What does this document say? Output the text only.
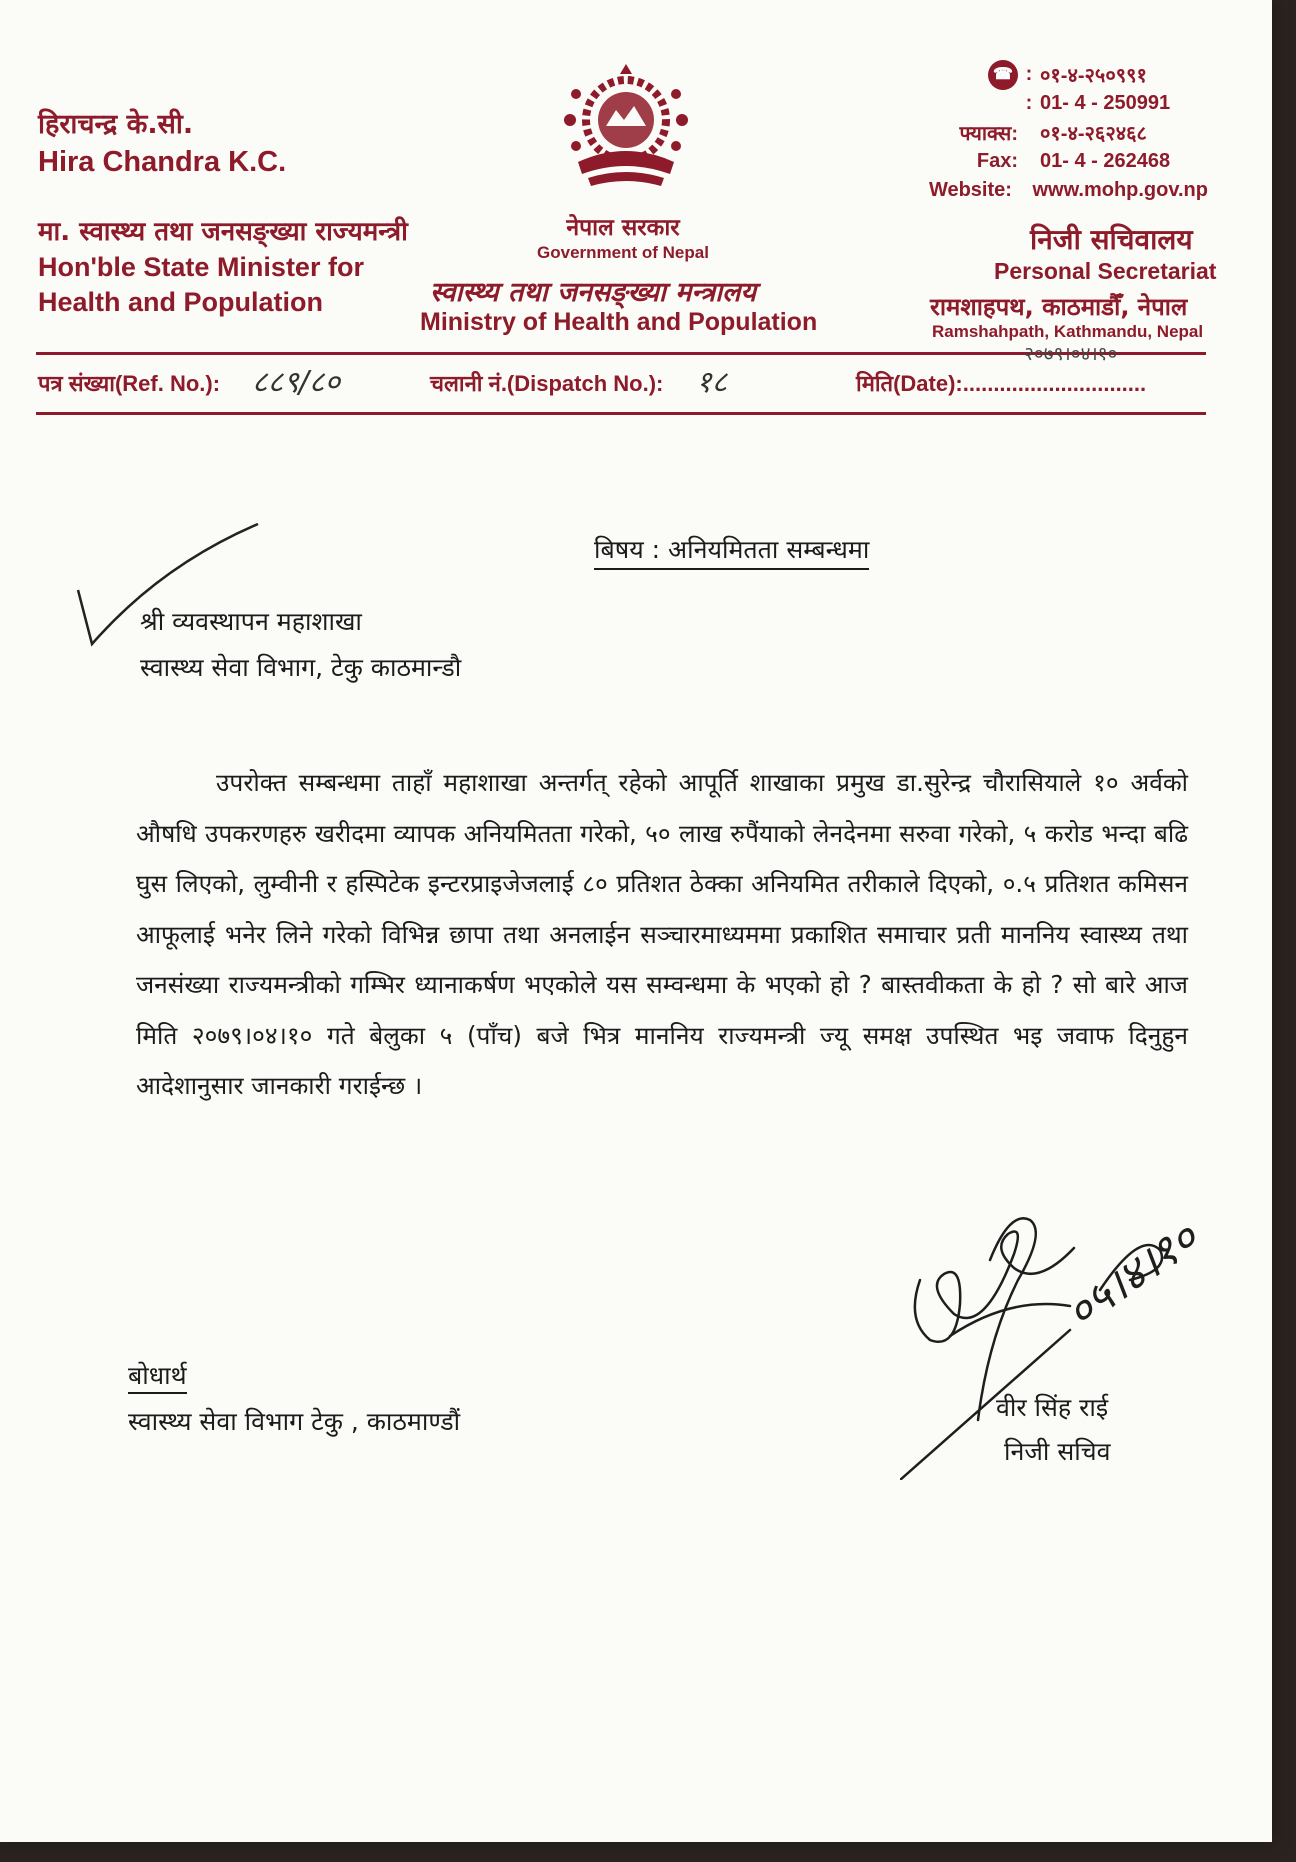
हिराचन्द्र के.सी.
Hira Chandra K.C.
मा. स्वास्थ्य तथा जनसङ्ख्या राज्यमन्त्री
Hon'ble State Minister for
Health and Population
नेपाल सरकार
Government of Nepal
स्वास्थ्य तथा जनसङ्ख्या मन्त्रालय
Ministry of Health and Population
☎ : ०१-४-२५०९९१
: 01- 4 - 250991
फ्याक्स: ०१-४-२६२४६८
Fax: 01- 4 - 262468
Website: www.mohp.gov.np
निजी सचिवालय
Personal Secretariat
रामशाहपथ, काठमाडौँ, नेपाल
Ramshahpath, Kathmandu, Nepal
पत्र संख्या(Ref. No.): ८८९/८०	चलानी नं.(Dispatch No.): १८	मिति(Date):..............................
२०७९।०४।१०
बिषय : अनियमितता सम्बन्धमा
श्री व्यवस्थापन महाशाखा
स्वास्थ्य सेवा विभाग, टेकु काठमान्डौ
उपरोक्त सम्बन्धमा ताहाँ महाशाखा अन्तर्गत् रहेको आपूर्ति शाखाका प्रमुख डा.सुरेन्द्र चौरासियाले १० अर्वको औषधि उपकरणहरु खरीदमा व्यापक अनियमितता गरेको, ५० लाख रुपैंयाको लेनदेनमा सरुवा गरेको, ५ करोड भन्दा बढि घुस लिएको, लुम्वीनी र हस्पिटेक इन्टरप्राइजेजलाई ८० प्रतिशत ठेक्का अनियमित तरीकाले दिएको, ०.५ प्रतिशत कमिसन आफूलाई भनेर लिने गरेको विभिन्न छापा तथा अनलाईन सञ्चारमाध्यममा प्रकाशित समाचार प्रती माननिय स्वास्थ्य तथा जनसंख्या राज्यमन्त्रीको गम्भिर ध्यानाकर्षण भएकोले यस सम्वन्धमा के भएको हो ? बास्तवीकता के हो ? सो बारे आज मिति २०७९।०४।१० गते बेलुका ५ (पाँच) बजे भित्र माननिय राज्यमन्त्री ज्यू समक्ष उपस्थित भइ जवाफ दिनुहुन आदेशानुसार जानकारी गराईन्छ ।
बोधार्थ
स्वास्थ्य सेवा विभाग टेकु , काठमाण्डौं
०५।४।१०
वीर सिंह राई
निजी सचिव
